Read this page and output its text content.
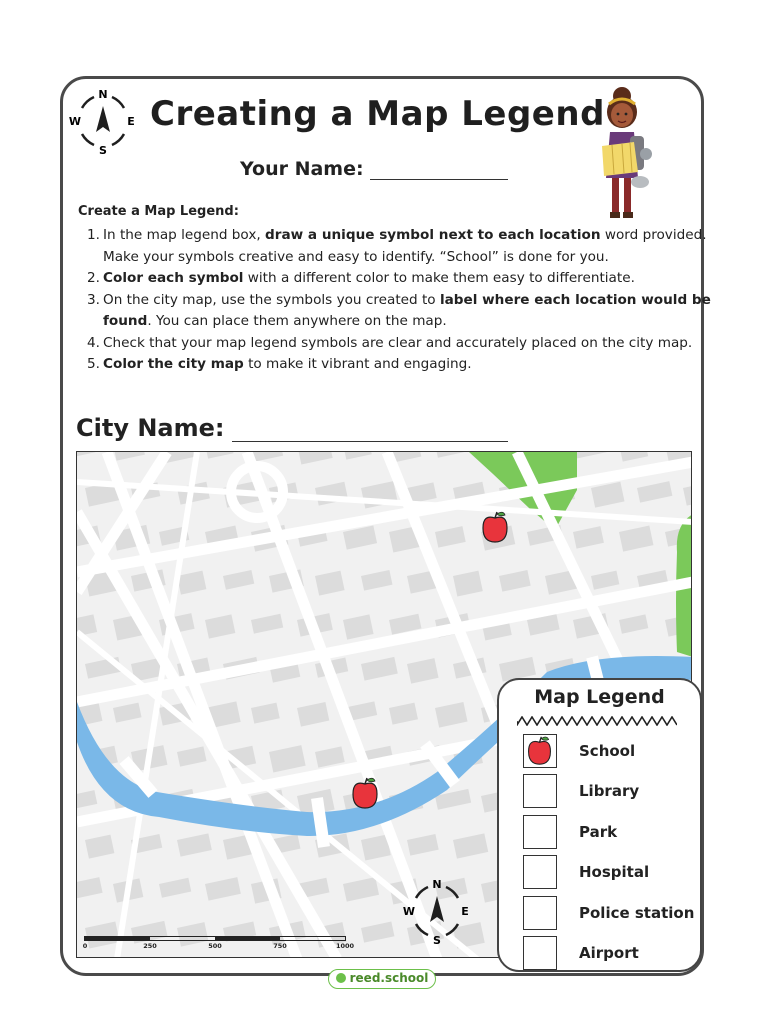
N
S
E
W Creating a Map Legend
Your Name:
Create a Map Legend:
1. In the map legend box, draw a unique symbol next to each location word provided. Make your symbols creative and easy to identify. “School” is done for you.
2. Color each symbol with a different color to make them easy to differentiate.
3. On the city map, use the symbols you created to label where each location would be found. You can place them anywhere on the map.
4. Check that your map legend symbols are clear and accurately placed on the city map.
5. Color the city map to make it vibrant and engaging.
City Name:
N
S
E
W
0	250	500	750	1000
Map Legend
School
Library
Park
Hospital
Police station
Airport
reed.school
